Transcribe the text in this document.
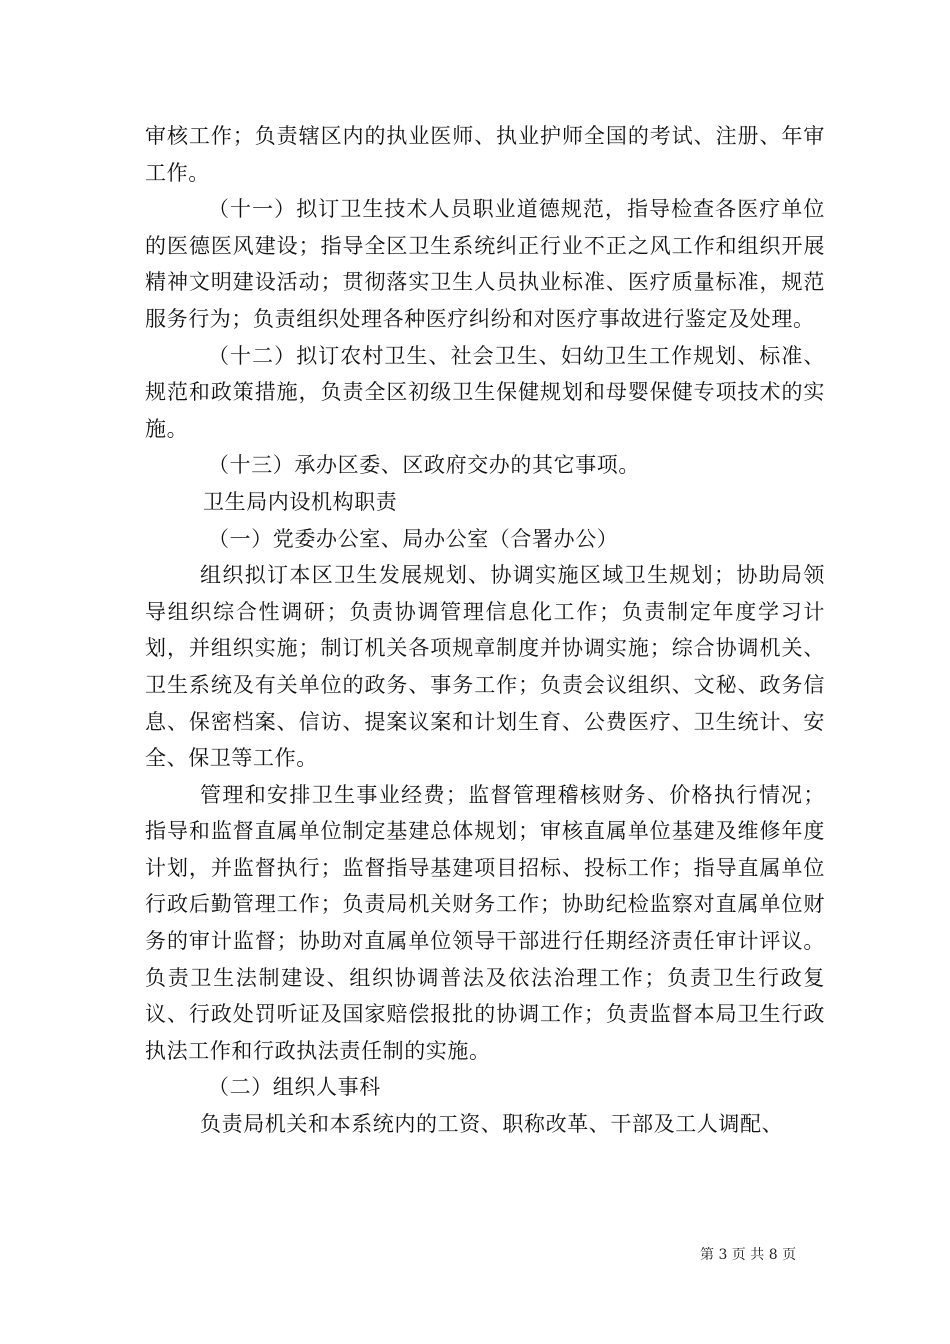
审核工作；负责辖区内的执业医师、执业护师全国的考试、注册、年审工作。

（十一）拟订卫生技术人员职业道德规范，指导检查各医疗单位的医德医风建设；指导全区卫生系统纠正行业不正之风工作和组织开展精神文明建设活动；贯彻落实卫生人员执业标准、医疗质量标准，规范服务行为；负责组织处理各种医疗纠纷和对医疗事故进行鉴定及处理。

（十二）拟订农村卫生、社会卫生、妇幼卫生工作规划、标准、规范和政策措施，负责全区初级卫生保健规划和母婴保健专项技术的实施。

（十三）承办区委、区政府交办的其它事项。

卫生局内设机构职责

（一）党委办公室、局办公室（合署办公）

组织拟订本区卫生发展规划、协调实施区域卫生规划；协助局领导组织综合性调研；负责协调管理信息化工作；负责制定年度学习计划，并组织实施；制订机关各项规章制度并协调实施；综合协调机关、卫生系统及有关单位的政务、事务工作；负责会议组织、文秘、政务信息、保密档案、信访、提案议案和计划生育、公费医疗、卫生统计、安全、保卫等工作。

管理和安排卫生事业经费；监督管理稽核财务、价格执行情况；指导和监督直属单位制定基建总体规划；审核直属单位基建及维修年度计划，并监督执行；监督指导基建项目招标、投标工作；指导直属单位行政后勤管理工作；负责局机关财务工作；协助纪检监察对直属单位财务的审计监督；协助对直属单位领导干部进行任期经济责任审计评议。负责卫生法制建设、组织协调普法及依法治理工作；负责卫生行政复议、行政处罚听证及国家赔偿报批的协调工作；负责监督本局卫生行政执法工作和行政执法责任制的实施。

（二）组织人事科

负责局机关和本系统内的工资、职称改革、干部及工人调配、

第 3 页 共 8 页
